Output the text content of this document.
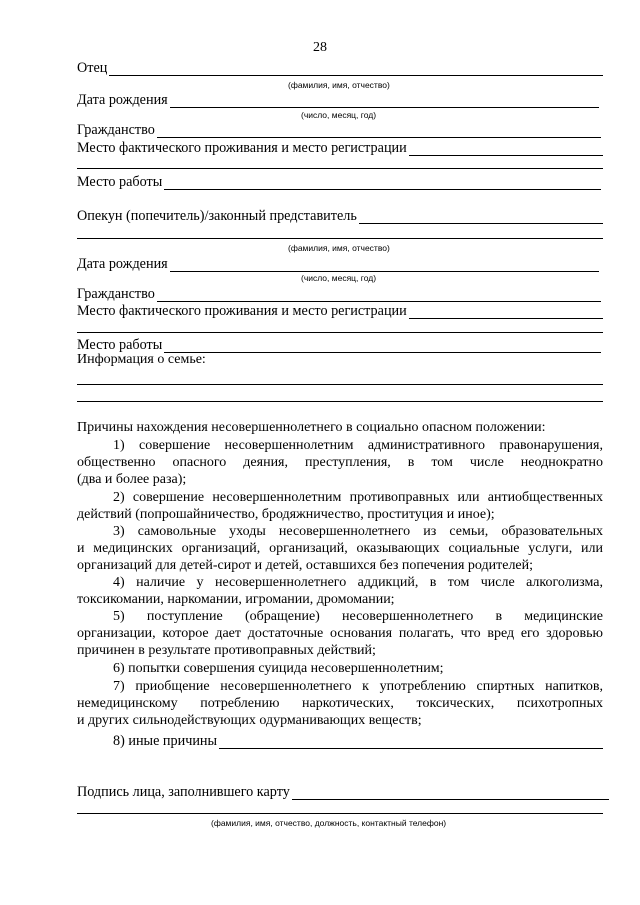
28
Отец
(фамилия, имя, отчество)
Дата рождения
(число, месяц, год)
Гражданство
Место фактического проживания и место регистрации
Место работы
Опекун (попечитель)/законный представитель
(фамилия, имя, отчество)
Дата рождения
(число, месяц, год)
Гражданство
Место фактического проживания и место регистрации
Место работы
Информация о семье:
Причины нахождения несовершеннолетнего в социально опасном положении:
1) совершение несовершеннолетним административного правонарушения,
общественно опасного деяния, преступления, в том числе неоднократно
(два и более раза);
2) совершение несовершеннолетним противоправных или антиобщественных
действий (попрошайничество, бродяжничество, проституция и иное);
3) самовольные уходы несовершеннолетнего из семьи, образовательных
и медицинских организаций, организаций, оказывающих социальные услуги, или
организаций для детей-сирот и детей, оставшихся без попечения родителей;
4) наличие у несовершеннолетнего аддикций, в том числе алкоголизма,
токсикомании, наркомании, игромании, дромомании;
5) поступление (обращение) несовершеннолетнего в медицинские
организации, которое дает достаточные основания полагать, что вред его здоровью
причинен в результате противоправных действий;
6) попытки совершения суицида несовершеннолетним;
7) приобщение несовершеннолетнего к употреблению спиртных напитков,
немедицинскому потреблению наркотических, токсических, психотропных
и других сильнодействующих одурманивающих веществ;
8) иные причины
Подпись лица, заполнившего карту
(фамилия, имя, отчество, должность, контактный телефон)
